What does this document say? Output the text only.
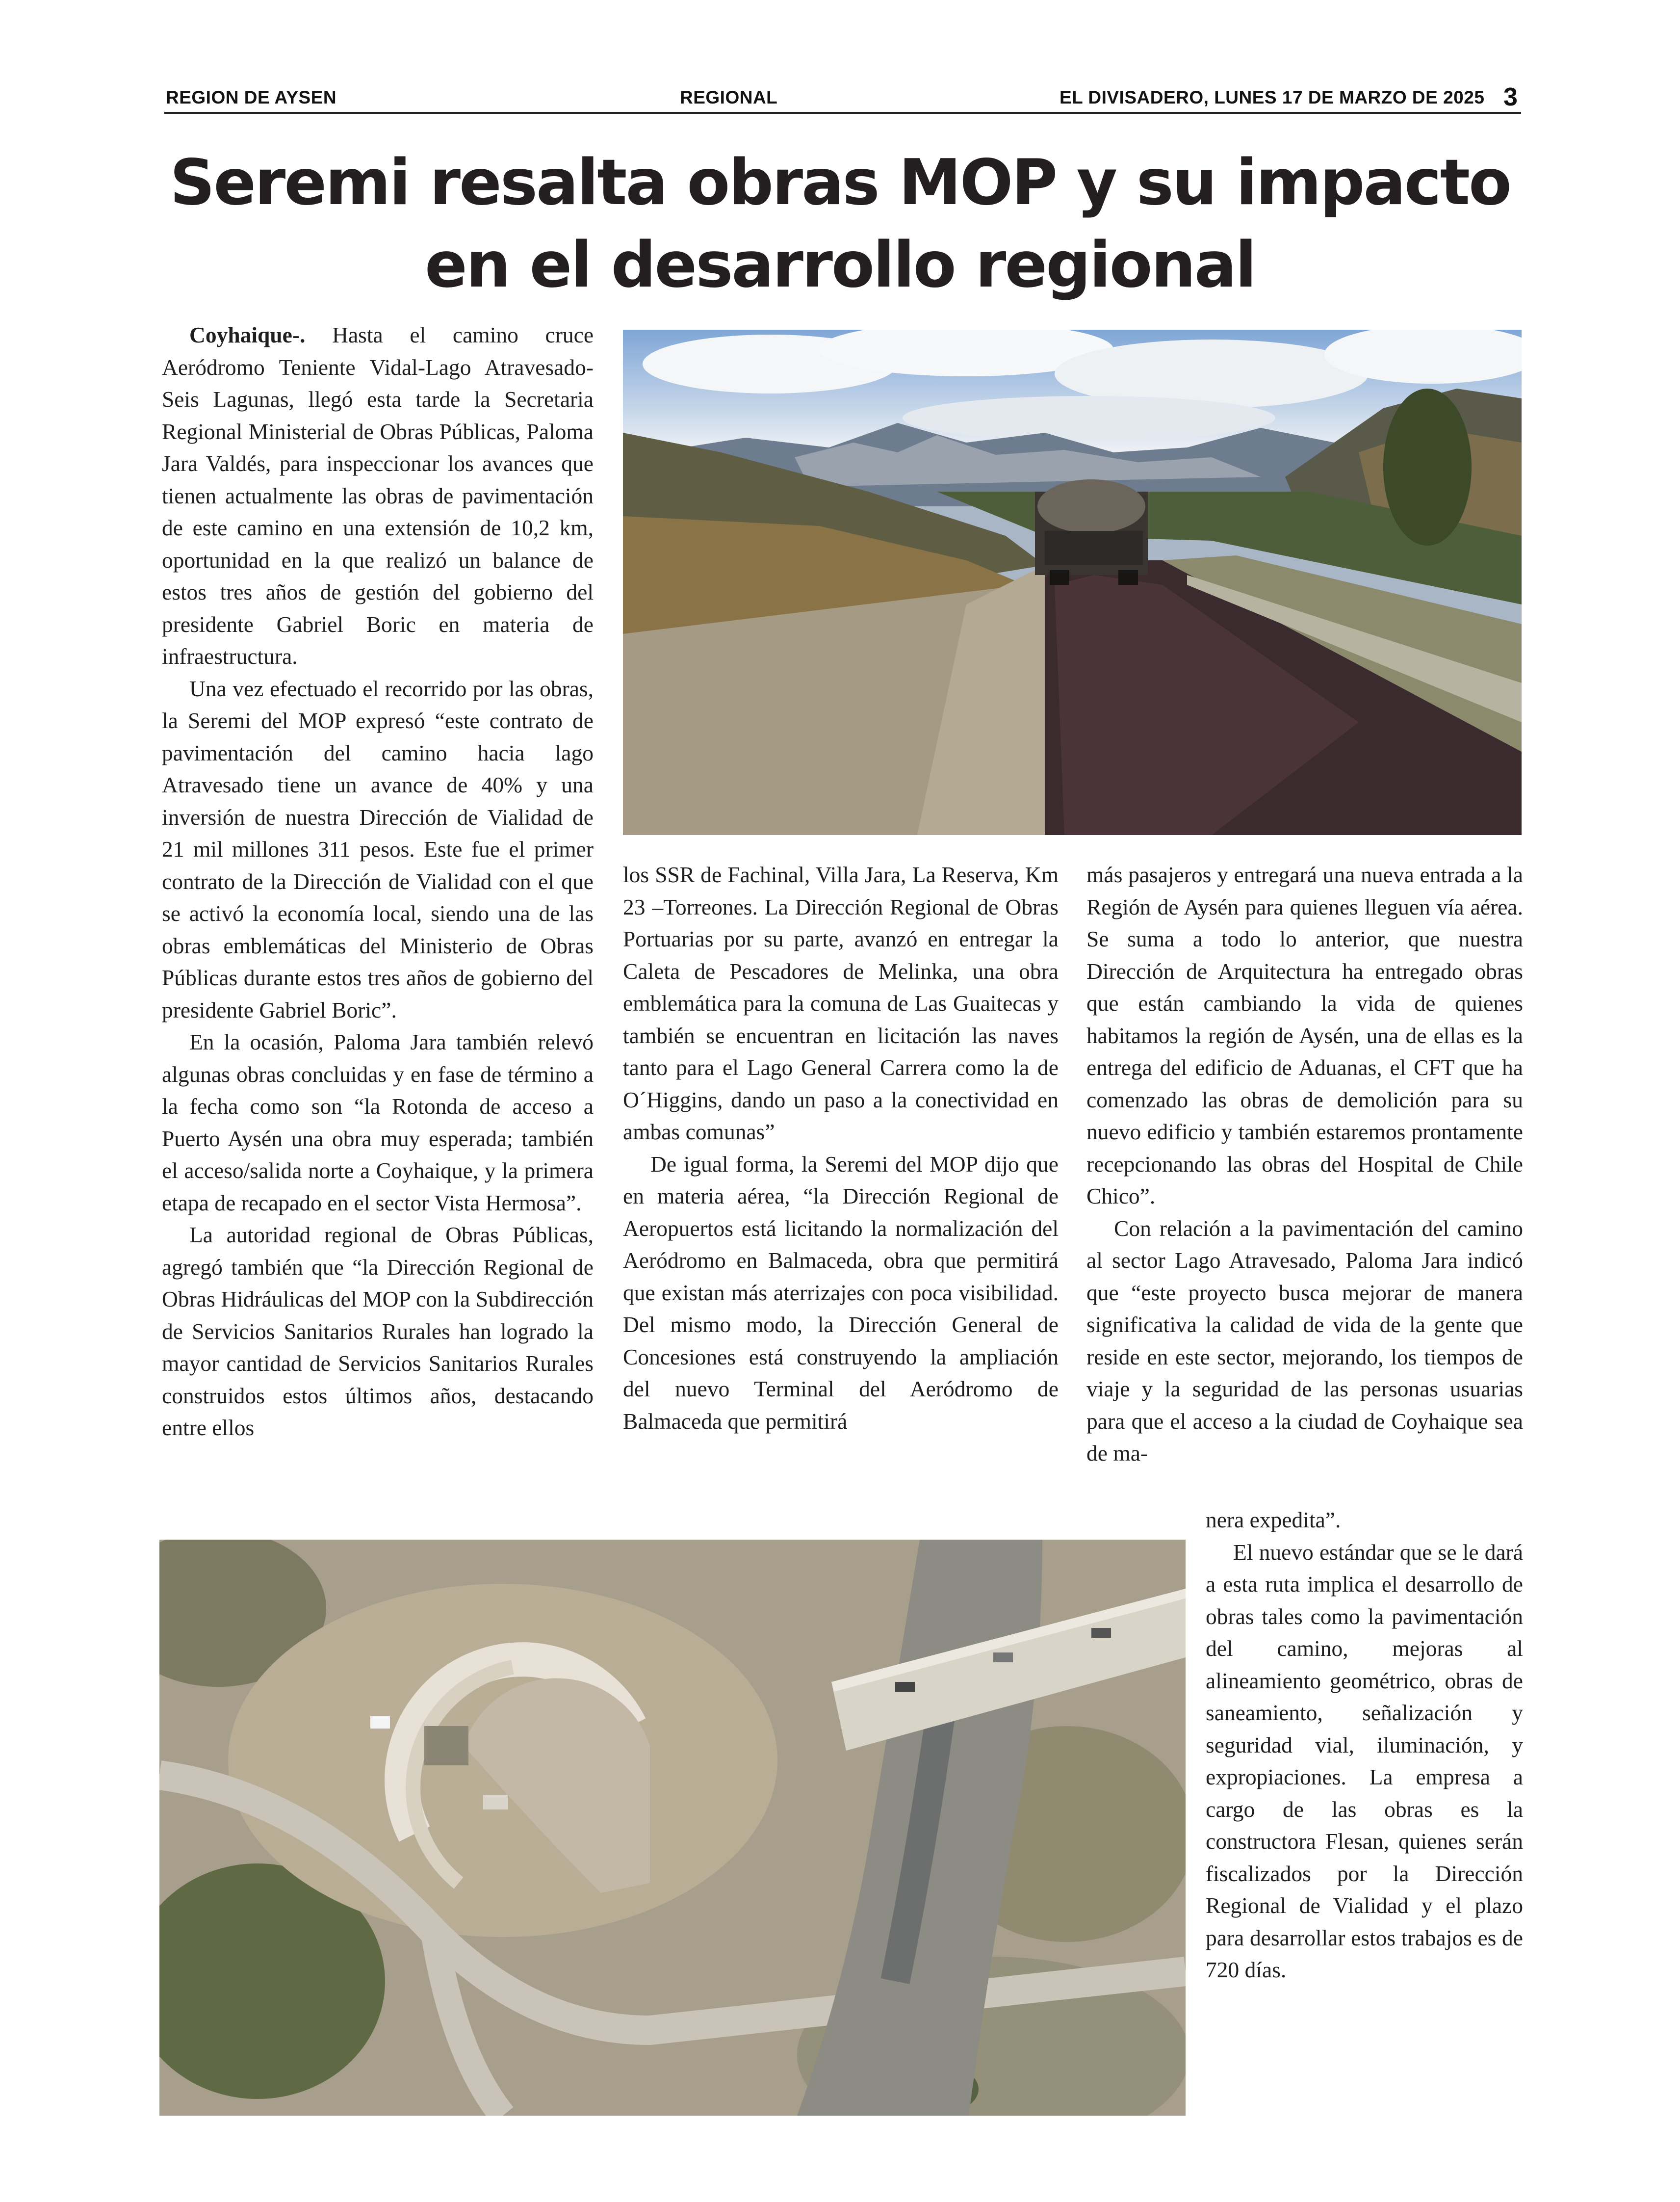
REGION DE AYSEN	REGIONAL	EL DIVISADERO, LUNES 17 DE MARZO DE 2025 3
Seremi resalta obras MOP y su impacto
en el desarrollo regional

Coyhaique-. Hasta el camino cruce Aeródromo Teniente Vidal-Lago Atravesado-Seis Lagunas, llegó esta tarde la Secretaria Regional Ministerial de Obras Públicas, Paloma Jara Valdés, para inspeccionar los avances que tienen actualmente las obras de pavimentación de este camino en una extensión de 10,2 km, oportunidad en la que realizó un balance de estos tres años de gestión del gobierno del presidente Gabriel Boric en materia de infraestructura.

Una vez efectuado el recorrido por las obras, la Seremi del MOP expresó “este contrato de pavimentación del camino hacia lago Atravesado tiene un avance de 40% y una inversión de nuestra Dirección de Vialidad de 21 mil millones 311 pesos. Este fue el primer contrato de la Dirección de Vialidad con el que se activó la economía local, siendo una de las obras emblemáticas del Ministerio de Obras Públicas durante estos tres años de gobierno del presidente Gabriel Boric”.

En la ocasión, Paloma Jara también relevó algunas obras concluidas y en fase de término a la fecha como son “la Rotonda de acceso a Puerto Aysén una obra muy esperada; también el acceso/salida norte a Coyhaique, y la primera etapa de recapado en el sector Vista Hermosa”.

La autoridad regional de Obras Públicas, agregó también que “la Dirección Regional de Obras Hidráulicas del MOP con la Subdirección de Servicios Sanitarios Rurales han logrado la mayor cantidad de Servicios Sanitarios Rurales construidos estos últimos años, destacando entre ellos

los SSR de Fachinal, Villa Jara, La Reserva, Km 23 –Torreones. La Dirección Regional de Obras Portuarias por su parte, avanzó en entregar la Caleta de Pescadores de Melinka, una obra emblemática para la comuna de Las Guaitecas y también se encuentran en licitación las naves tanto para el Lago General Carrera como la de O´Higgins, dando un paso a la conectividad en ambas comunas”

De igual forma, la Seremi del MOP dijo que en materia aérea, “la Dirección Regional de Aeropuertos está licitando la normalización del Aeródromo en Balmaceda, obra que permitirá que existan más aterrizajes con poca visibilidad. Del mismo modo, la Dirección General de Concesiones está construyendo la ampliación del nuevo Terminal del Aeródromo de Balmaceda que permitirá

más pasajeros y entregará una nueva entrada a la Región de Aysén para quienes lleguen vía aérea. Se suma a todo lo anterior, que nuestra Dirección de Arquitectura ha entregado obras que están cambiando la vida de quienes habitamos la región de Aysén, una de ellas es la entrega del edificio de Aduanas, el CFT que ha comenzado las obras de demolición para su nuevo edificio y también estaremos prontamente recepcionando las obras del Hospital de Chile Chico”.

Con relación a la pavimentación del camino al sector Lago Atravesado, Paloma Jara indicó que “este proyecto busca mejorar de manera significativa la calidad de vida de la gente que reside en este sector, mejorando, los tiempos de viaje y la seguridad de las personas usuarias para que el acceso a la ciudad de Coyhaique sea de ma-

nera expedita”.

El nuevo estándar que se le dará a esta ruta implica el desarrollo de obras tales como la pavimentación del camino, mejoras al alineamiento geométrico, obras de saneamiento, señalización y seguridad vial, iluminación, y expropiaciones. La empresa a cargo de las obras es la constructora Flesan, quienes serán fiscalizados por la Dirección Regional de Vialidad y el plazo para desarrollar estos trabajos es de 720 días.
